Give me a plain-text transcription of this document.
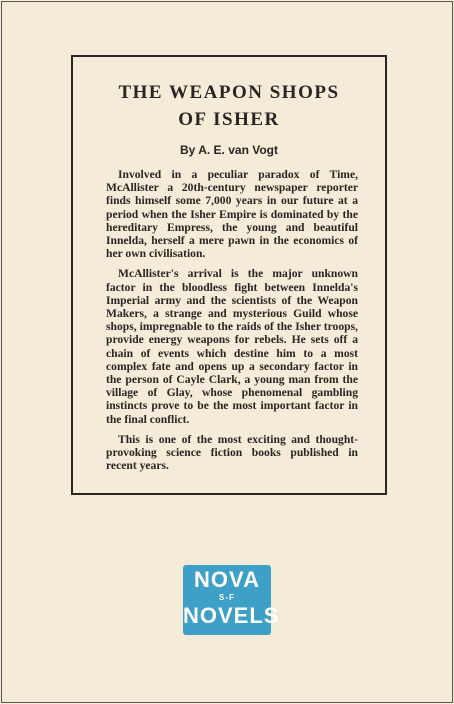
THE WEAPON SHOPS
OF ISHER
By A. E. van Vogt

Involved in a peculiar paradox of Time, McAllister a 20th-century newspaper reporter finds himself some 7,000 years in our future at a period when the Isher Empire is dominated by the hereditary Empress, the young and beautiful Innelda, herself a mere pawn in the economics of her own civilisation.

McAllister's arrival is the major unknown factor in the bloodless fight between Innelda's Imperial army and the scientists of the Weapon Makers, a strange and mysterious Guild whose shops, impregnable to the raids of the Isher troops, provide energy weapons for rebels. He sets off a chain of events which destine him to a most complex fate and opens up a secondary factor in the person of Cayle Clark, a young man from the village of Glay, whose phenomenal gambling instincts prove to be the most important factor in the final conflict.

This is one of the most exciting and thought-provoking science fiction books published in recent years.

NOVA
S-F
NOVELS
